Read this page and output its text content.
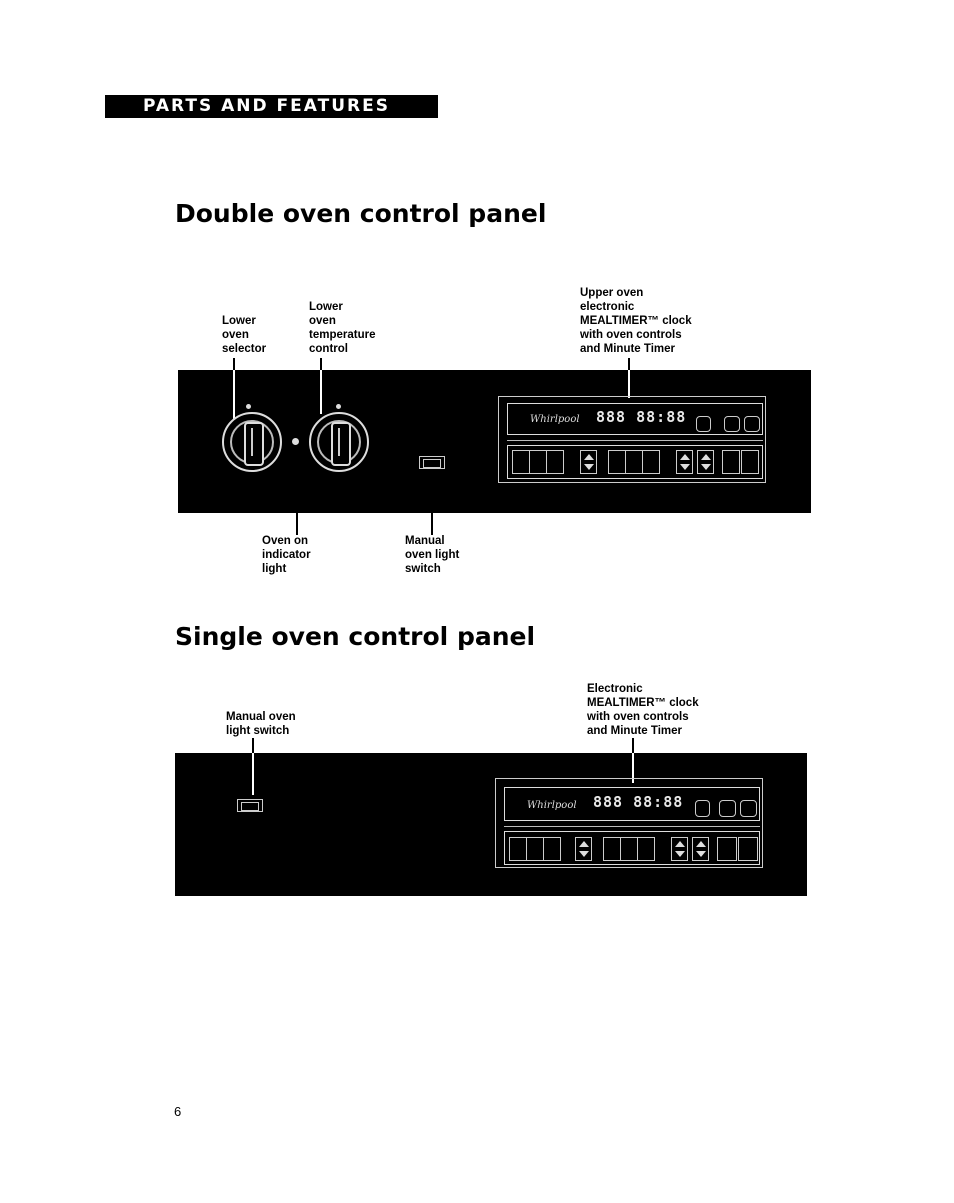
PARTS AND FEATURES
Double oven control panel
Lower
oven
selector
Lower
oven
temperature
control
Upper oven
electronic
MEALTIMER™ clock
with oven controls
and Minute Timer
Whirlpool 888 88:88
Oven on
indicator
light
Manual
oven light
switch
Single oven control panel
Manual oven
light switch
Electronic
MEALTIMER™ clock
with oven controls
and Minute Timer
Whirlpool 888 88:88
6
